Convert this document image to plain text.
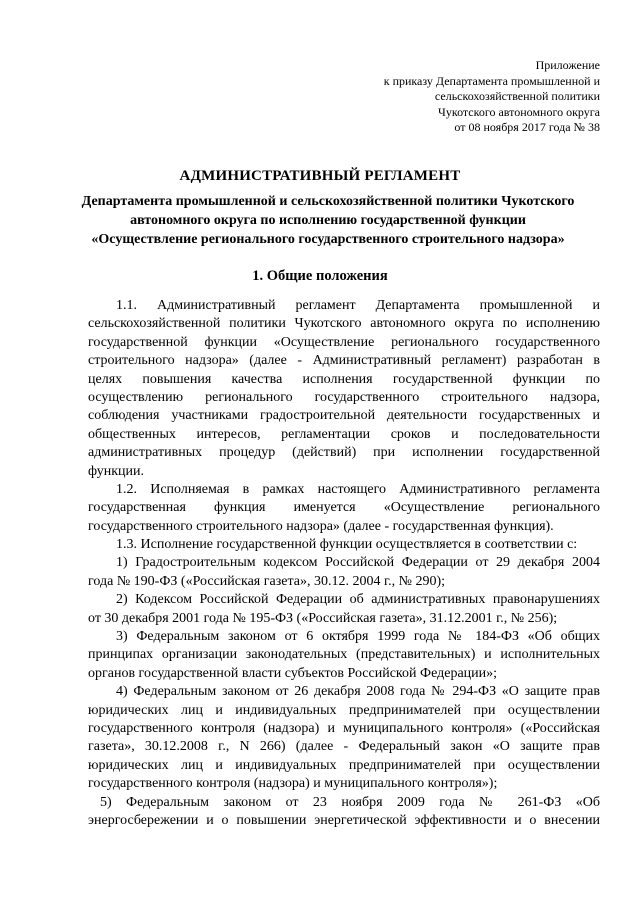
Приложение
к приказу Департамента промышленной и
сельскохозяйственной политики
Чукотского автономного округа
от 08 ноября 2017 года № 38
АДМИНИСТРАТИВНЫЙ РЕГЛАМЕНТ
Департамента промышленной и сельскохозяйственной политики Чукотского
автономного округа по исполнению государственной функции
«Осуществление регионального государственного строительного надзора»
1. Общие положения
1.1. Административный регламент Департамента промышленной и
сельскохозяйственной политики Чукотского автономного округа по исполнению
государственной функции «Осуществление регионального государственного
строительного надзора» (далее - Административный регламент) разработан в
целях повышения качества исполнения государственной функции по
осуществлению регионального государственного строительного надзора,
соблюдения участниками градостроительной деятельности государственных и
общественных интересов, регламентации сроков и последовательности
административных процедур (действий) при исполнении государственной
функции.
1.2. Исполняемая в рамках настоящего Административного регламента
государственная функция именуется «Осуществление регионального
государственного строительного надзора» (далее - государственная функция).
1.3. Исполнение государственной функции осуществляется в соответствии с:
1) Градостроительным кодексом Российской Федерации от 29 декабря 2004
года № 190-ФЗ («Российская газета», 30.12. 2004 г., № 290);
2) Кодексом Российской Федерации об административных правонарушениях
от 30 декабря 2001 года № 195-ФЗ («Российская газета», 31.12.2001 г., № 256);
3) Федеральным законом от 6 октября 1999 года № 184-ФЗ «Об общих
принципах организации законодательных (представительных) и исполнительных
органов государственной власти субъектов Российской Федерации»;
4) Федеральным законом от 26 декабря 2008 года № 294-ФЗ «О защите прав
юридических лиц и индивидуальных предпринимателей при осуществлении
государственного контроля (надзора) и муниципального контроля» («Российская
газета», 30.12.2008 г., N 266) (далее - Федеральный закон «О защите прав
юридических лиц и индивидуальных предпринимателей при осуществлении
государственного контроля (надзора) и муниципального контроля»);
5) Федеральным законом от 23 ноября 2009 года № 261-ФЗ «Об
энергосбережении и о повышении энергетической эффективности и о внесении
